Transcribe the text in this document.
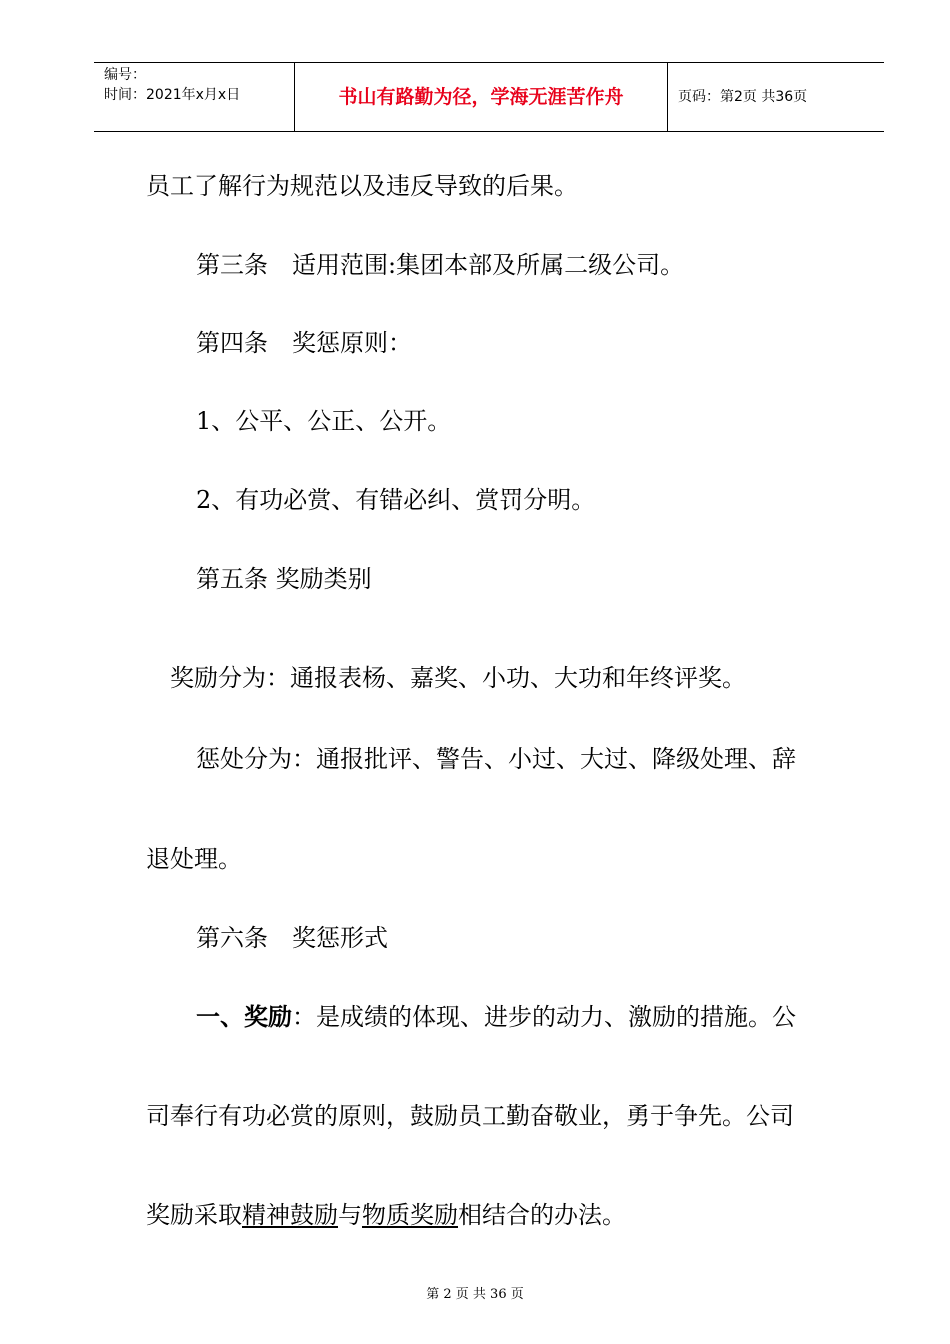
编号：
时间：2021年x月x日	书山有路勤为径，学海无涯苦作舟	页码：第2页 共36页
员工了解行为规范以及违反导致的后果。
第三条　适用范围:集团本部及所属二级公司。
第四条　奖惩原则：
1、公平、公正、公开。
2、有功必赏、有错必纠、赏罚分明。
第五条 奖励类别
奖励分为：通报表杨、嘉奖、小功、大功和年终评奖。
惩处分为：通报批评、警告、小过、大过、降级处理、辞
退处理。
第六条　奖惩形式
一、奖励：是成绩的体现、进步的动力、激励的措施。公
司奉行有功必赏的原则，鼓励员工勤奋敬业，勇于争先。公司
奖励采取精神鼓励与物质奖励相结合的办法。
第 2 页 共 36 页
